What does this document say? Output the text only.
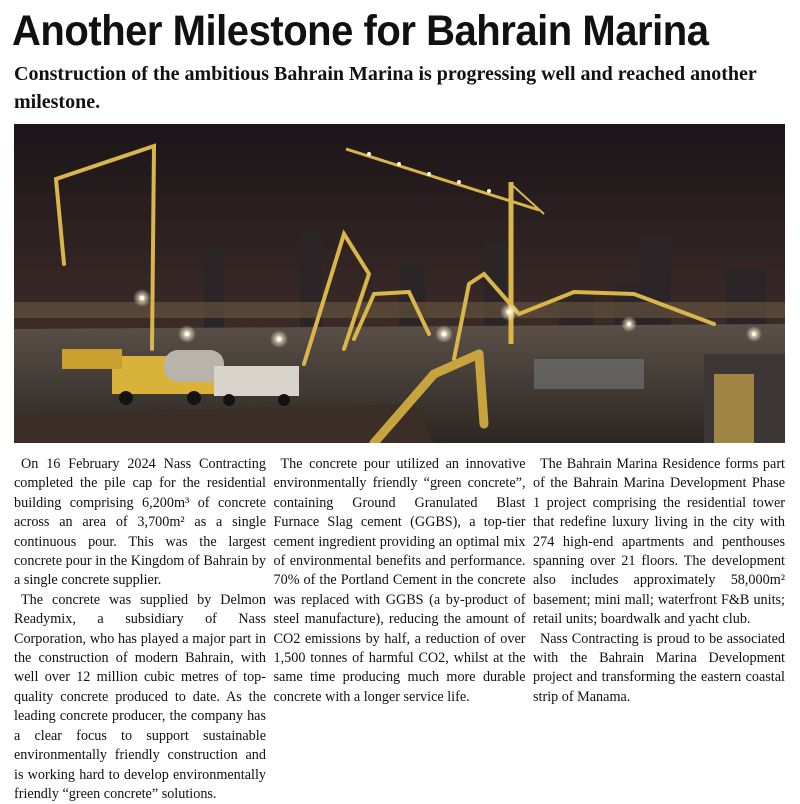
Another Milestone for Bahrain Marina
Construction of the ambitious Bahrain Marina is progressing well and reached another milestone.

On 16 February 2024 Nass Contracting completed the pile cap for the residential building comprising 6,200m³ of concrete across an area of 3,700m² as a single continuous pour. This was the largest concrete pour in the Kingdom of Bahrain by a single concrete supplier.

The concrete was supplied by Delmon Readymix, a subsidiary of Nass Corporation, who has played a major part in the construction of modern Bahrain, with well over 12 million cubic metres of top-quality concrete produced to date. As the leading concrete producer, the company has a clear focus to support sustainable environmentally friendly construction and is working hard to develop environmentally friendly “green concrete” solutions.

The concrete pour utilized an innovative environmentally friendly “green concrete”, containing Ground Granulated Blast Furnace Slag cement (GGBS), a top-tier cement ingredient providing an optimal mix of environmental benefits and performance. 70% of the Portland Cement in the concrete was replaced with GGBS (a by-product of steel manufacture), reducing the amount of CO2 emissions by half, a reduction of over 1,500 tonnes of harmful CO2, whilst at the same time producing much more durable concrete with a longer service life.

The Bahrain Marina Residence forms part of the Bahrain Marina Development Phase 1 project comprising the residential tower that redefine luxury living in the city with 274 high-end apartments and penthouses spanning over 21 floors. The development also includes approximately 58,000m² basement; mini mall; waterfront F&B units; retail units; boardwalk and yacht club.

Nass Contracting is proud to be associated with the Bahrain Marina Development project and transforming the eastern coastal strip of Manama.
